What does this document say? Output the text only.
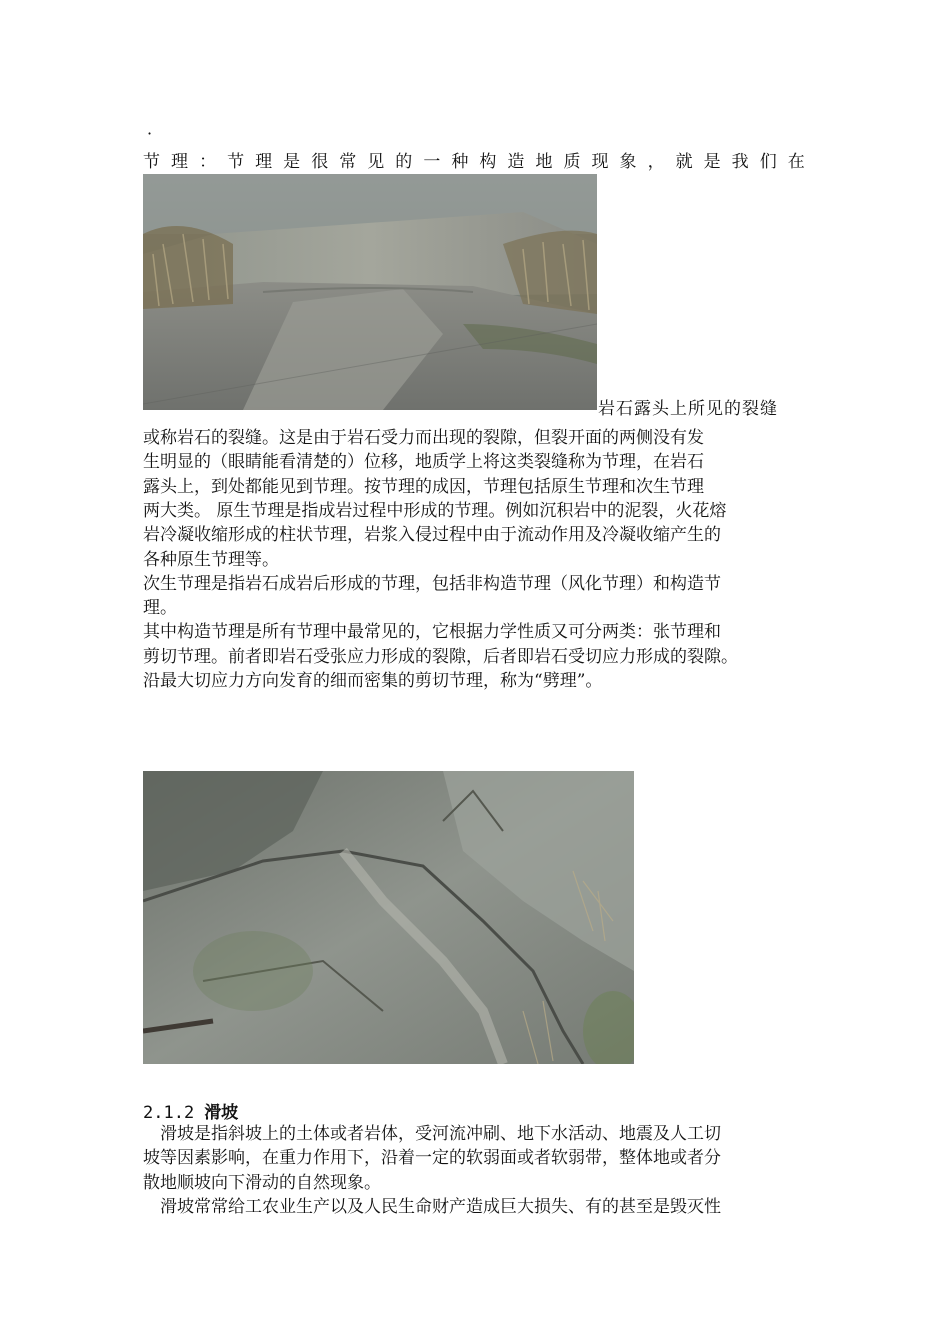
·
节 理 ： 节 理 是 很 常 见 的 一 种 构 造 地 质 现 象 ， 就 是 我 们 在
岩石露头上所见的裂缝
或称岩石的裂缝。这是由于岩石受力而出现的裂隙，但裂开面的两侧没有发
生明显的（眼睛能看清楚的）位移，地质学上将这类裂缝称为节理，在岩石
露头上，到处都能见到节理。按节理的成因，节理包括原生节理和次生节理
两大类。 原生节理是指成岩过程中形成的节理。例如沉积岩中的泥裂，火花熔
岩冷凝收缩形成的柱状节理，岩浆入侵过程中由于流动作用及冷凝收缩产生的
各种原生节理等。
次生节理是指岩石成岩后形成的节理，包括非构造节理（风化节理）和构造节
理。
其中构造节理是所有节理中最常见的，它根据力学性质又可分两类：张节理和
剪切节理。前者即岩石受张应力形成的裂隙，后者即岩石受切应力形成的裂隙。
沿最大切应力方向发育的细而密集的剪切节理，称为“劈理”。
2.1.2 滑坡
　滑坡是指斜坡上的土体或者岩体，受河流冲刷、地下水活动、地震及人工切
坡等因素影响，在重力作用下，沿着一定的软弱面或者软弱带，整体地或者分
散地顺坡向下滑动的自然现象。
　滑坡常常给工农业生产以及人民生命财产造成巨大损失、有的甚至是毁灭性
